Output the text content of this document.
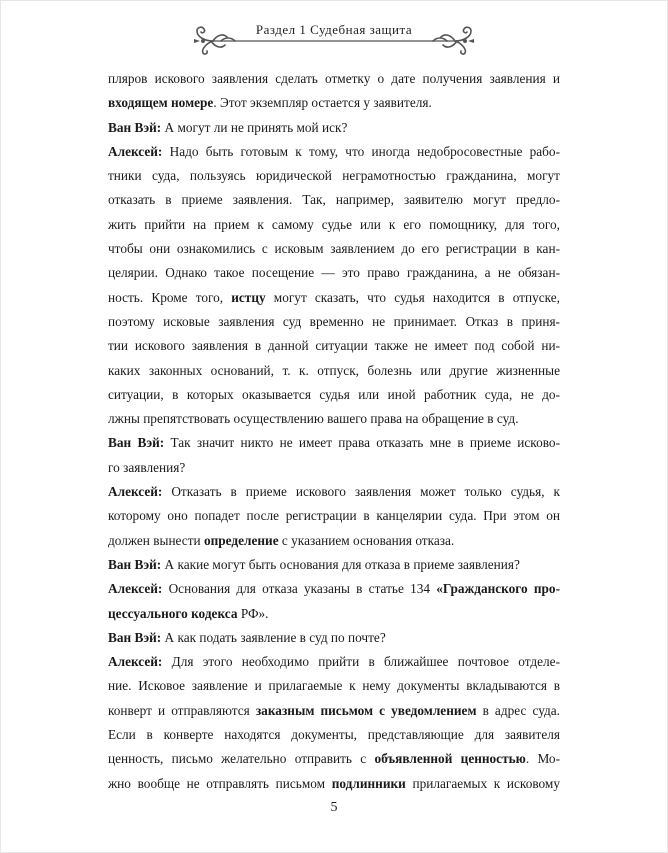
Раздел 1 Судебная защита
пляров искового заявления сделать отметку о дате получения заявления и
входящем номере. Этот экземпляр остается у заявителя.
Ван Вэй: А могут ли не принять мой иск?
Алексей: Надо быть готовым к тому, что иногда недобросовестные рабо-
тники суда, пользуясь юридической неграмотностью гражданина, могут
отказать в приеме заявления. Так, например, заявителю могут предло-
жить прийти на прием к самому судье или к его помощнику, для того,
чтобы они ознакомились с исковым заявлением до его регистрации в кан-
целярии. Однако такое посещение — это право гражданина, а не обязан-
ность. Кроме того, истцу могут сказать, что судья находится в отпуске,
поэтому исковые заявления суд временно не принимает. Отказ в приня-
тии искового заявления в данной ситуации также не имеет под собой ни-
каких законных оснований, т. к. отпуск, болезнь или другие жизненные
ситуации, в которых оказывается судья или иной работник суда, не до-
лжны препятствовать осуществлению вашего права на обращение в суд.
Ван Вэй: Так значит никто не имеет права отказать мне в приеме исково-
го заявления?
Алексей: Отказать в приеме искового заявления может только судья, к
которому оно попадет после регистрации в канцелярии суда. При этом он
должен вынести определение с указанием основания отказа.
Ван Вэй: А какие могут быть основания для отказа в приеме заявления?
Алексей: Основания для отказа указаны в статье 134 «Гражданского про-
цессуального кодекса РФ».
Ван Вэй: А как подать заявление в суд по почте?
Алексей: Для этого необходимо прийти в ближайшее почтовое отделе-
ние. Исковое заявление и прилагаемые к нему документы вкладываются в
конверт и отправляются заказным письмом с уведомлением в адрес суда.
Если в конверте находятся документы, представляющие для заявителя
ценность, письмо желательно отправить с объявленной ценностью. Мо-
жно вообще не отправлять письмом подлинники прилагаемых к исковому
5
